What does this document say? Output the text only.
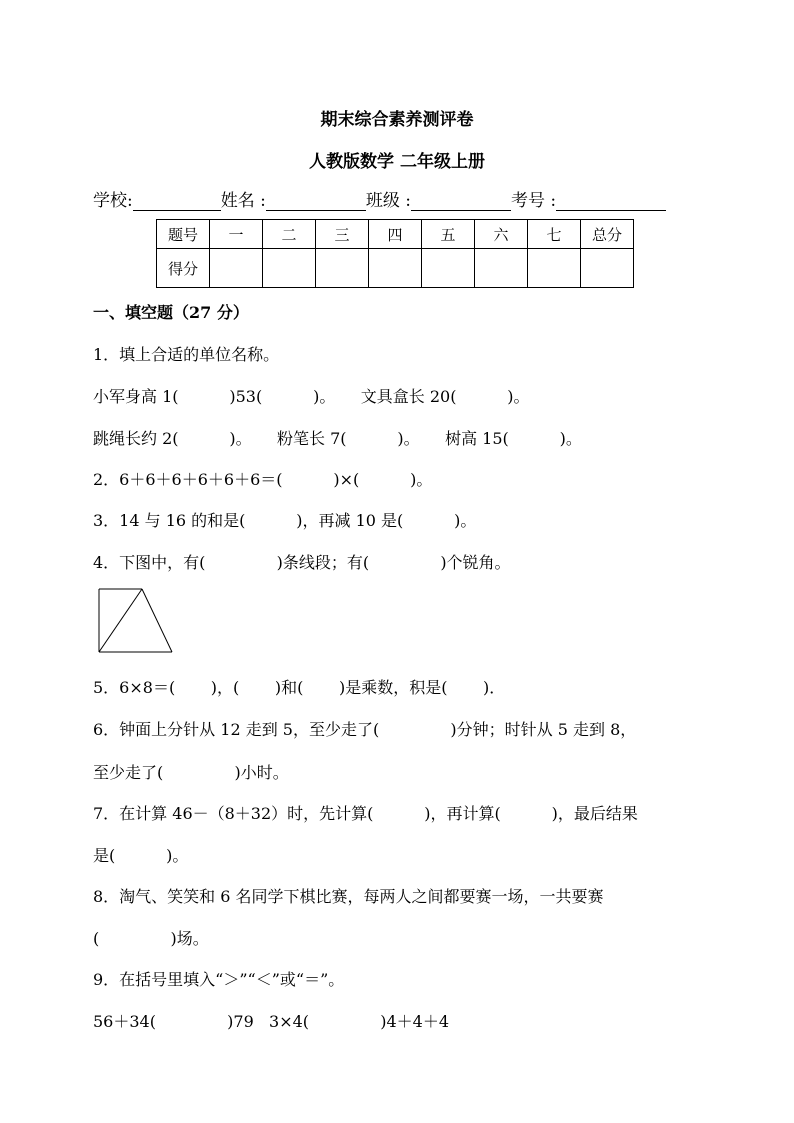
期末综合素养测评卷
人教版数学 二年级上册
学校:	姓名 :	班级 :	考号 :
题号	一	二	三	四	五	六	七	总分
得分								
一、填空题（27 分）
1．填上合适的单位名称。
小军身高 1(          )53(          )。     文具盒长 20(          )。
跳绳长约 2(          )。     粉笔长 7(          )。     树高 15(          )。
2．6＋6＋6＋6＋6＋6＝(          )×(          )。
3．14 与 16 的和是(          )，再减 10 是(          )。
4．下图中，有(              )条线段；有(              )个锐角。
5．6×8＝(       )，(       )和(       )是乘数，积是(       )．
6．钟面上分针从 12 走到 5，至少走了(              )分钟；时针从 5 走到 8，
至少走了(              )小时。
7．在计算 46－（8＋32）时，先计算(          )，再计算(          )，最后结果
是(          )。
8．淘气、笑笑和 6 名同学下棋比赛，每两人之间都要赛一场，一共要赛
(              )场。
9．在括号里填入“＞”“＜”或“＝”。
56＋34(              )79   3×4(              )4＋4＋4
